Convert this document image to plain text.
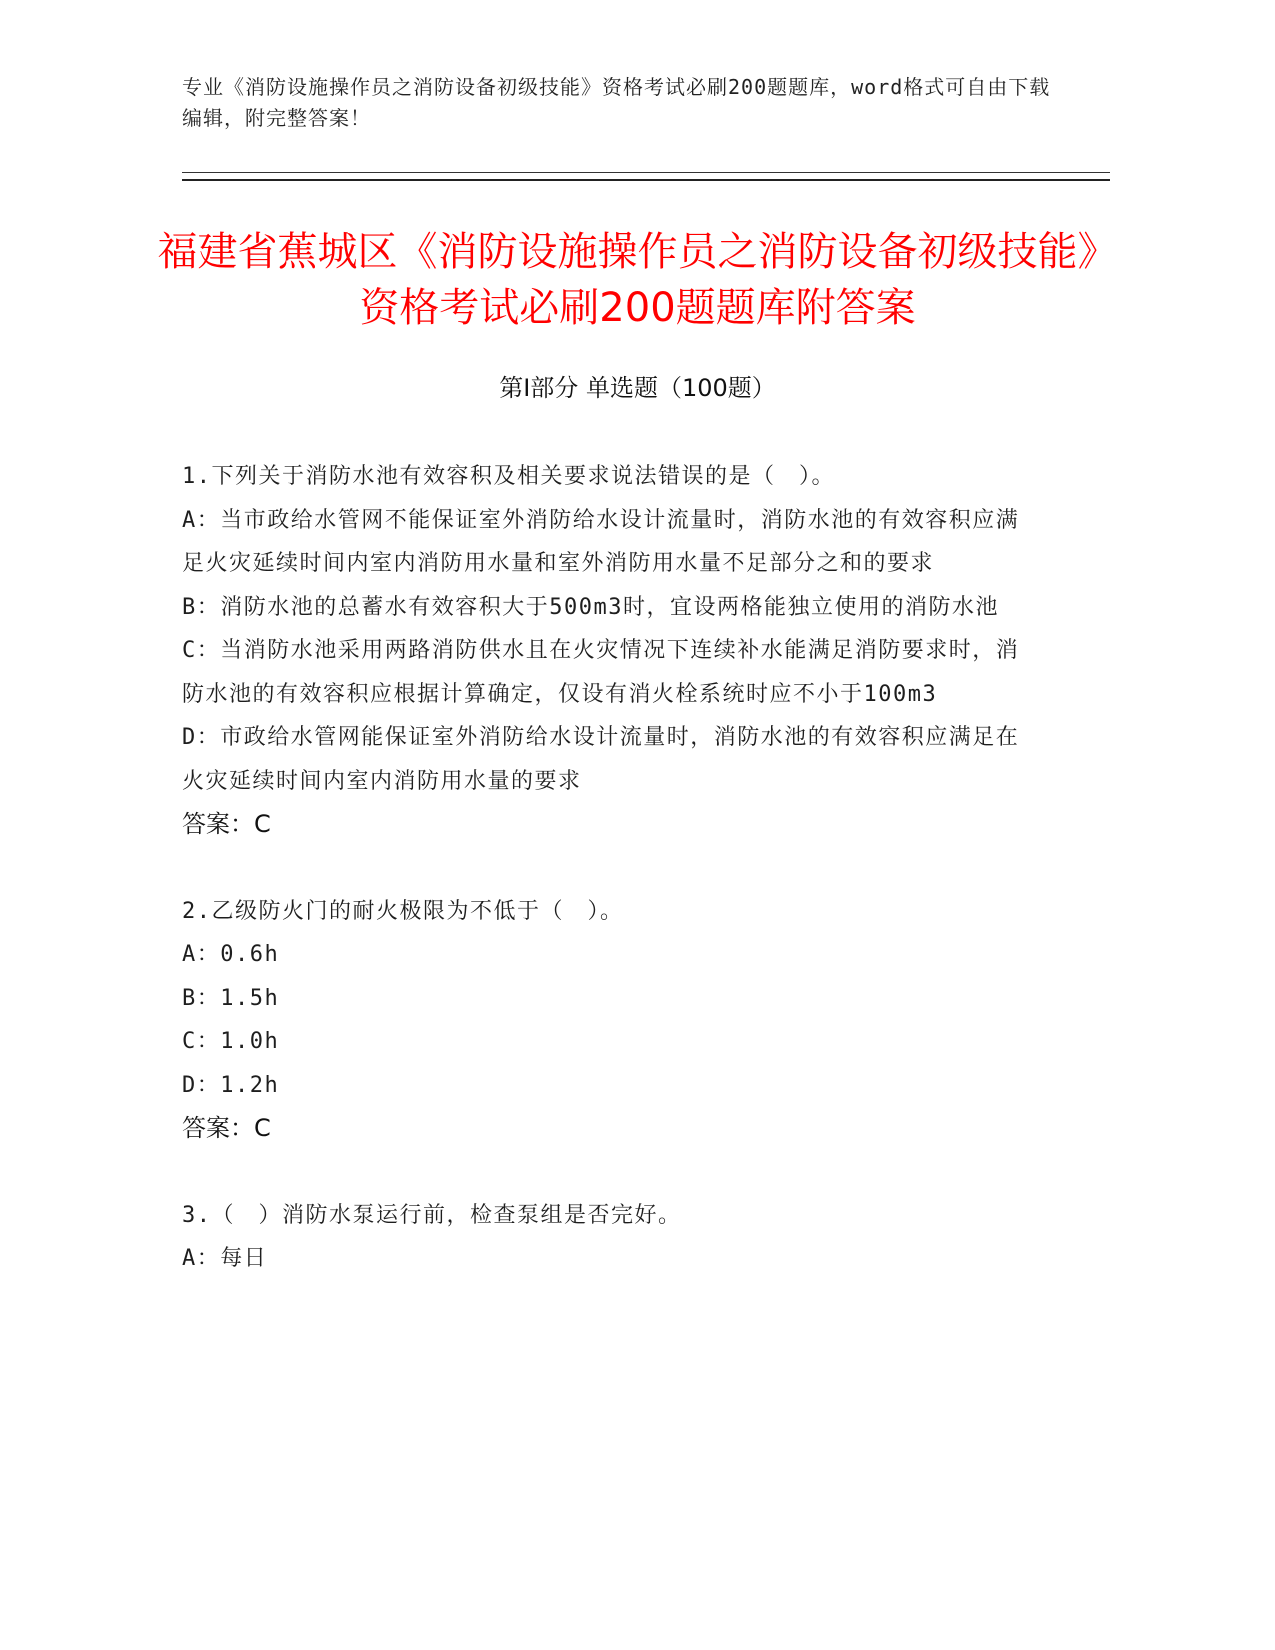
专业《消防设施操作员之消防设备初级技能》资格考试必刷200题题库，word格式可自由下载编辑，附完整答案！

福建省蕉城区《消防设施操作员之消防设备初级技能》资格考试必刷200题题库附答案
第I部分 单选题（100题）

1.下列关于消防水池有效容积及相关要求说法错误的是（　）。

A：当市政给水管网不能保证室外消防给水设计流量时，消防水池的有效容积应满足火灾延续时间内室内消防用水量和室外消防用水量不足部分之和的要求

B：消防水池的总蓄水有效容积大于500m3时，宜设两格能独立使用的消防水池

C：当消防水池采用两路消防供水且在火灾情况下连续补水能满足消防要求时，消防水池的有效容积应根据计算确定，仅设有消火栓系统时应不小于100m3

D：市政给水管网能保证室外消防给水设计流量时，消防水池的有效容积应满足在火灾延续时间内室内消防用水量的要求

答案：C

2.乙级防火门的耐火极限为不低于（　）。

A：0.6h

B：1.5h

C：1.0h

D：1.2h

答案：C

3.（　）消防水泵运行前，检查泵组是否完好。

A：每日
